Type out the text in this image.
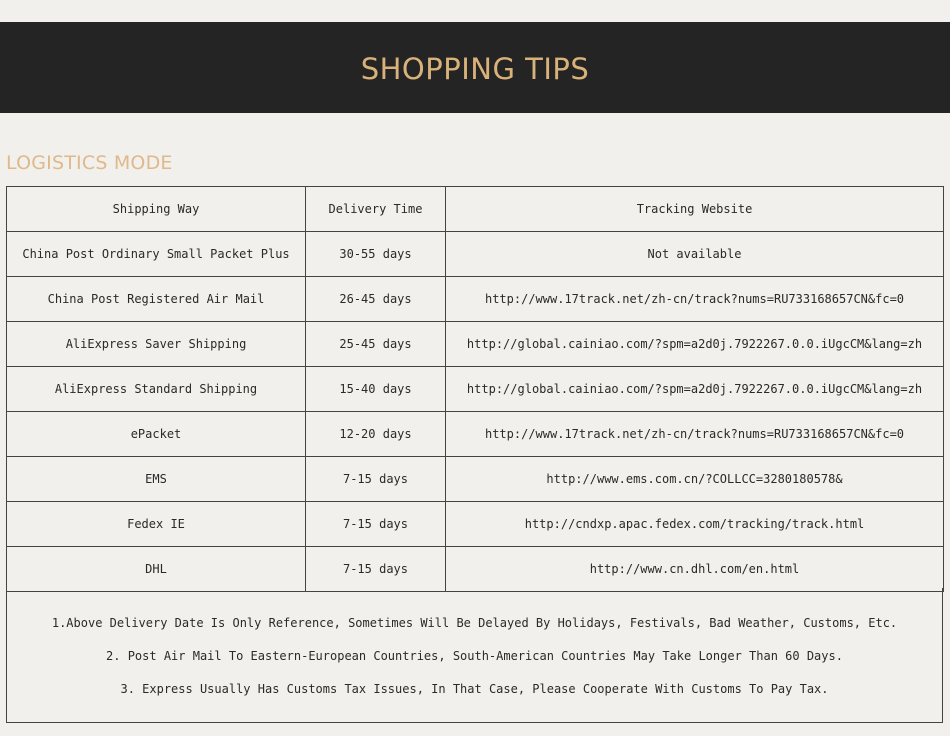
SHOPPING TIPS
LOGISTICS MODE
Shipping Way	Delivery Time	Tracking Website
China Post Ordinary Small Packet Plus	30-55 days	Not available
China Post Registered Air Mail	26-45 days	http://www.17track.net/zh-cn/track?nums=RU733168657CN&fc=0
AliExpress Saver Shipping	25-45 days	http://global.cainiao.com/?spm=a2d0j.7922267.0.0.iUgcCM&lang=zh
AliExpress Standard Shipping	15-40 days	http://global.cainiao.com/?spm=a2d0j.7922267.0.0.iUgcCM&lang=zh
ePacket	12-20 days	http://www.17track.net/zh-cn/track?nums=RU733168657CN&fc=0
EMS	7-15 days	http://www.ems.com.cn/?COLLCC=3280180578&
Fedex IE	7-15 days	http://cndxp.apac.fedex.com/tracking/track.html
DHL	7-15 days	http://www.cn.dhl.com/en.html
1.Above Delivery Date Is Only Reference, Sometimes Will Be Delayed By Holidays, Festivals, Bad Weather, Customs, Etc.
2. Post Air Mail To Eastern-European Countries, South-American Countries May Take Longer Than 60 Days.
3. Express Usually Has Customs Tax Issues, In That Case, Please Cooperate With Customs To Pay Tax.
